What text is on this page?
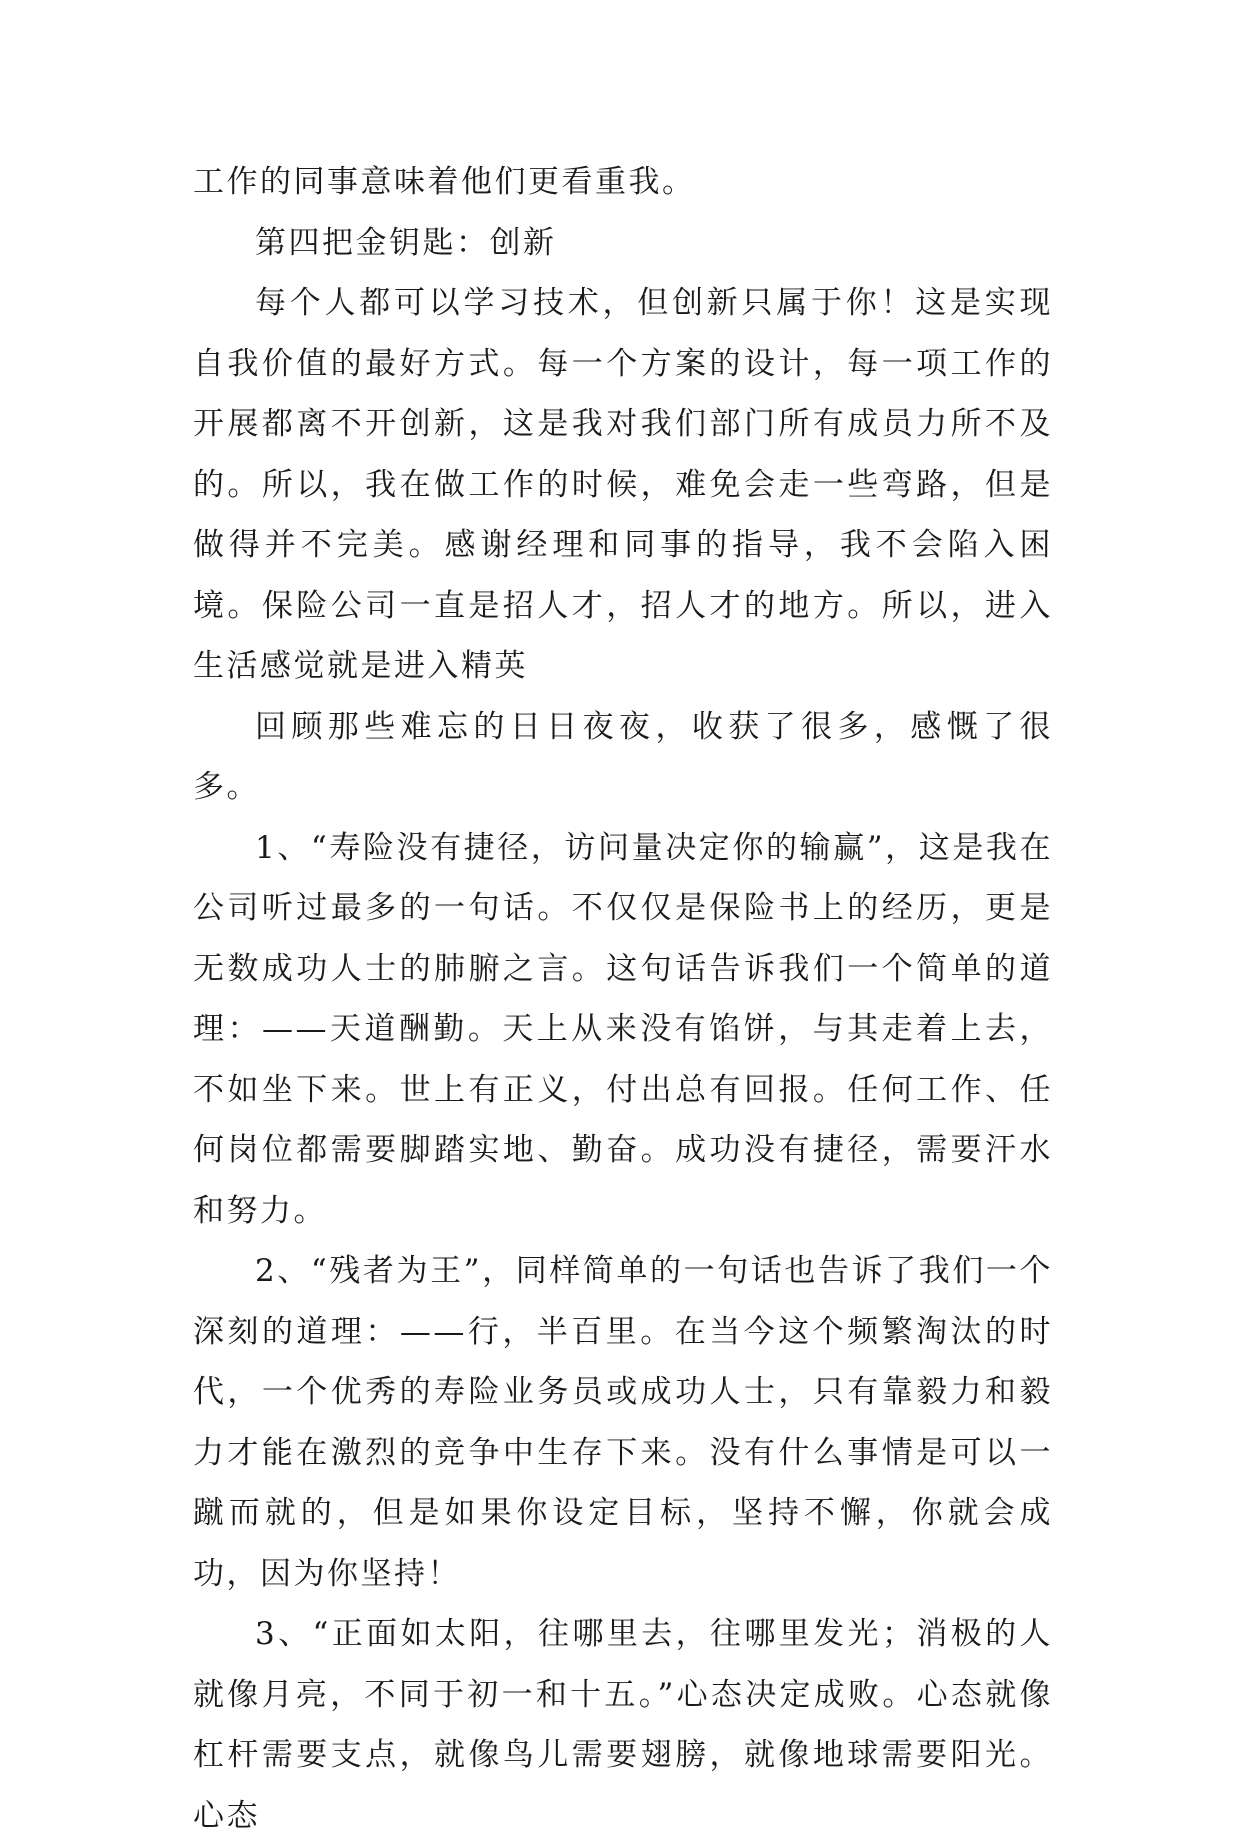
工作的同事意味着他们更看重我。

第四把金钥匙：创新

每个人都可以学习技术，但创新只属于你！这是实现自我价值的最好方式。每一个方案的设计，每一项工作的开展都离不开创新，这是我对我们部门所有成员力所不及的。所以，我在做工作的时候，难免会走一些弯路，但是做得并不完美。感谢经理和同事的指导，我不会陷入困境。保险公司一直是招人才，招人才的地方。所以，进入生活感觉就是进入精英

回顾那些难忘的日日夜夜，收获了很多，感慨了很多。

1、“寿险没有捷径，访问量决定你的输赢”，这是我在公司听过最多的一句话。不仅仅是保险书上的经历，更是无数成功人士的肺腑之言。这句话告诉我们一个简单的道理：——天道酬勤。天上从来没有馅饼，与其走着上去，不如坐下来。世上有正义，付出总有回报。任何工作、任何岗位都需要脚踏实地、勤奋。成功没有捷径，需要汗水和努力。

2、“残者为王”，同样简单的一句话也告诉了我们一个深刻的道理：——行，半百里。在当今这个频繁淘汰的时代，一个优秀的寿险业务员或成功人士，只有靠毅力和毅力才能在激烈的竞争中生存下来。没有什么事情是可以一蹴而就的，但是如果你设定目标，坚持不懈，你就会成功，因为你坚持！

3、“正面如太阳，往哪里去，往哪里发光；消极的人就像月亮，不同于初一和十五。”心态决定成败。心态就像杠杆需要支点，就像鸟儿需要翅膀，就像地球需要阳光。心态
